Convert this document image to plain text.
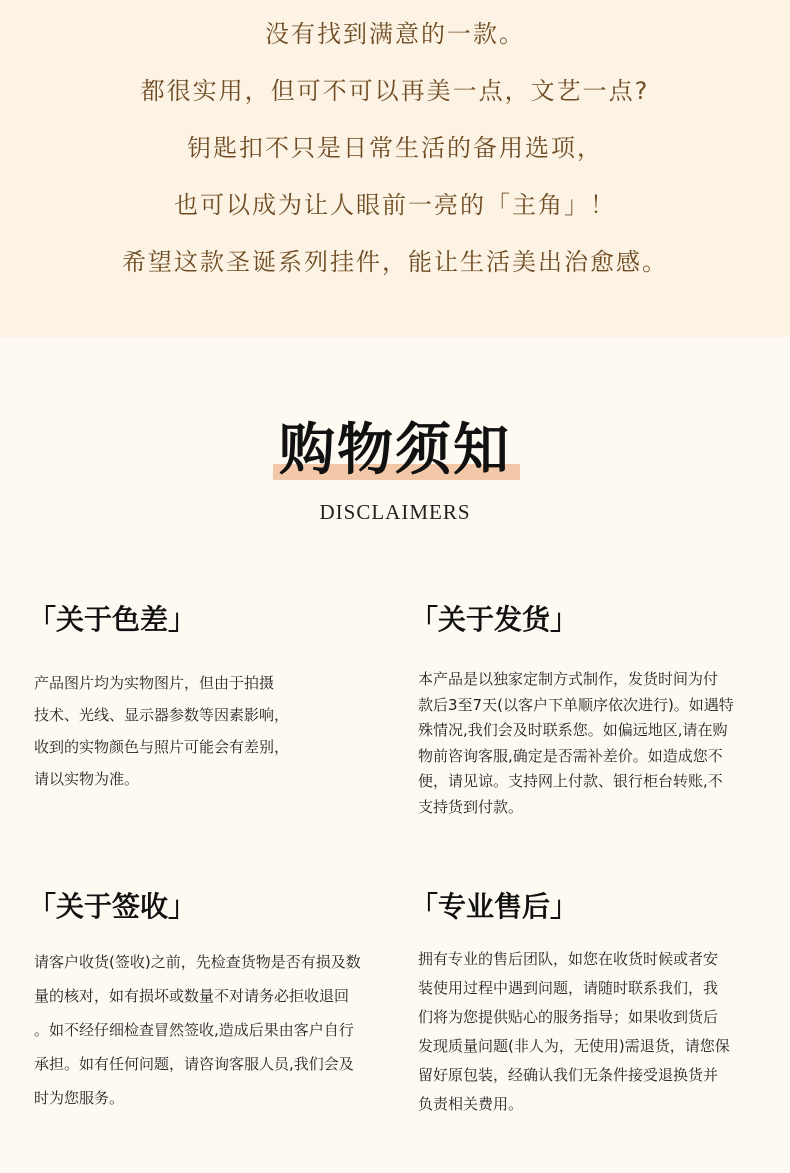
没有找到满意的一款。
都很实用，但可不可以再美一点，文艺一点?
钥匙扣不只是日常生活的备用选项，
也可以成为让人眼前一亮的「主角」！
希望这款圣诞系列挂件，能让生活美出治愈感。
购物须知
DISCLAIMERS
「关于色差」
产品图片均为实物图片，但由于拍摄
技术、光线、显示器参数等因素影响，
收到的实物颜色与照片可能会有差别，
请以实物为准。
「关于发货」
本产品是以独家定制方式制作，发货时间为付
款后3至7天(以客户下单顺序依次进行)。如遇特
殊情况,我们会及时联系您。如偏远地区,请在购
物前咨询客服,确定是否需补差价。如造成您不
便，请见谅。支持网上付款、银行柜台转账,不
支持货到付款。
「关于签收」
请客户收货(签收)之前，先检查货物是否有损及数
量的核对，如有损坏或数量不对请务必拒收退回
。如不经仔细检查冒然签收,造成后果由客户自行
承担。如有任何问题，请咨询客服人员,我们会及
时为您服务。
「专业售后」
拥有专业的售后团队，如您在收货时候或者安
装使用过程中遇到问题，请随时联系我们，我
们将为您提供贴心的服务指导；如果收到货后
发现质量问题(非人为，无使用)需退货，请您保
留好原包装，经确认我们无条件接受退换货并
负责相关费用。
